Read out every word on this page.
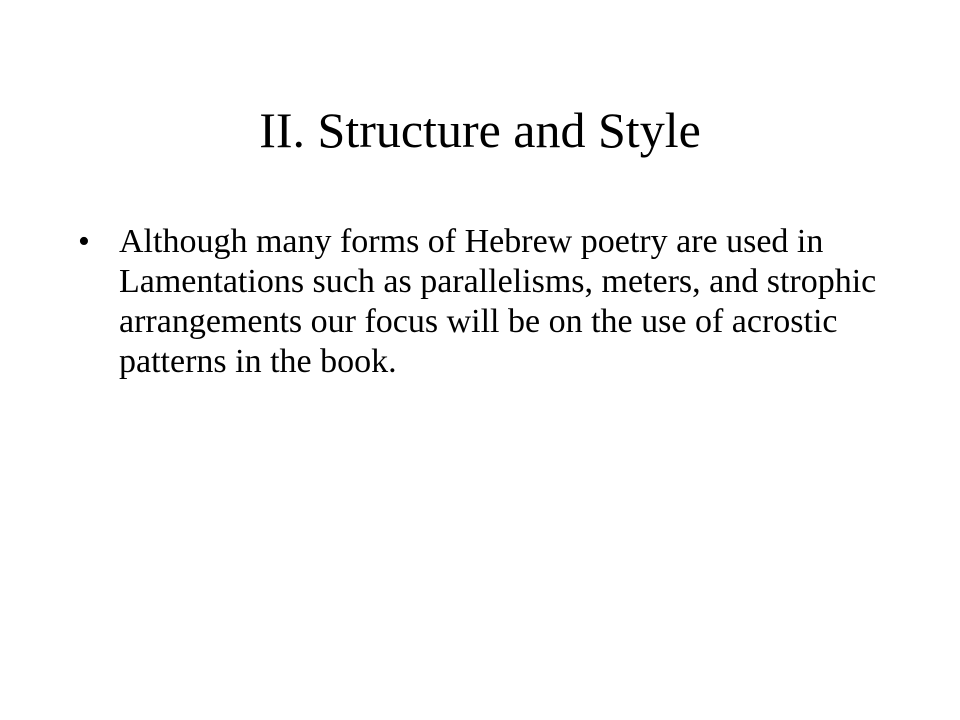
II. Structure and Style
• Although many forms of Hebrew poetry are used in Lamentations such as parallelisms, meters, and strophic arrangements our focus will be on the use of acrostic patterns in the book.
